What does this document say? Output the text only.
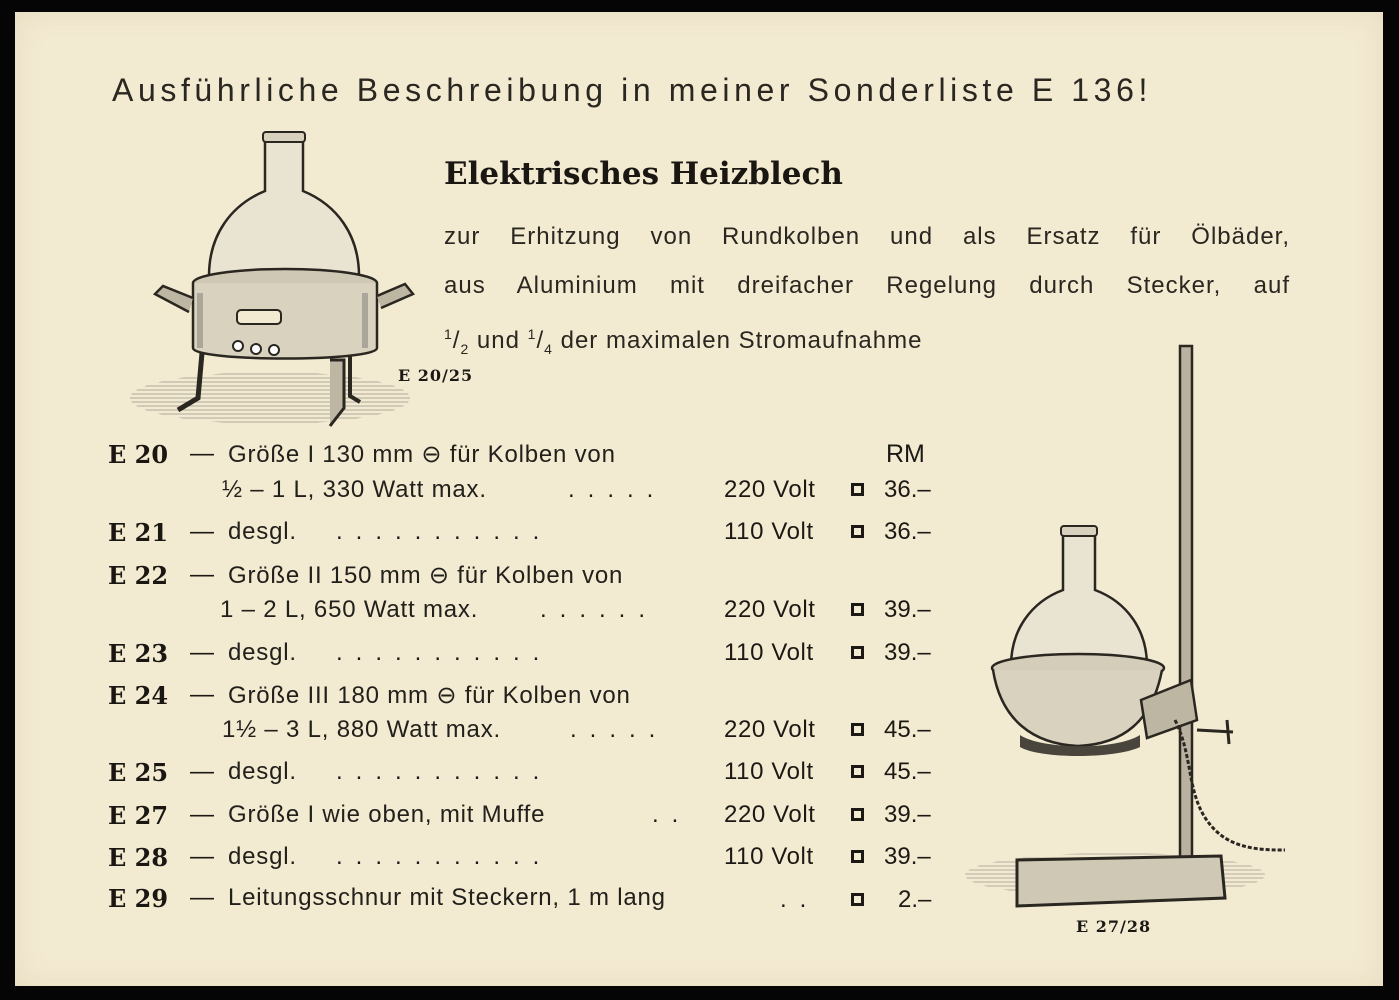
Ausführliche Beschreibung in meiner Sonderliste E 136!
E 20/25
Elektrisches Heizblech
zur Erhitzung von Rundkolben und als Ersatz für Ölbäder,
aus Aluminium mit dreifacher Regelung durch Stecker, auf
$^1/_2$ und $^1/_4$ der maximalen Stromaufnahme
E 27/28
RM
E 20 — Größe I 130 mm ⊖ für Kolben von
½ – 1 L, 330 Watt max.	..... 220 Volt	36.–
E 21 — desgl. ...........	110 Volt	36.–
E 22 — Größe II 150 mm ⊖ für Kolben von
1 – 2 L, 650 Watt max.	......	220 Volt	39.–
E 23 — desgl. ...........	110 Volt	39.–
E 24 — Größe III 180 mm ⊖ für Kolben von
1½ – 3 L, 880 Watt max.	..... 220 Volt	45.–
E 25 — desgl. ...........	110 Volt	45.–
E 27 — Größe I wie oben, mit Muffe	.. 220 Volt	39.–
E 28 — desgl. ...........	110 Volt	39.–
E 29 — Leitungsschnur mit Steckern, 1 m lang	..	2.–
